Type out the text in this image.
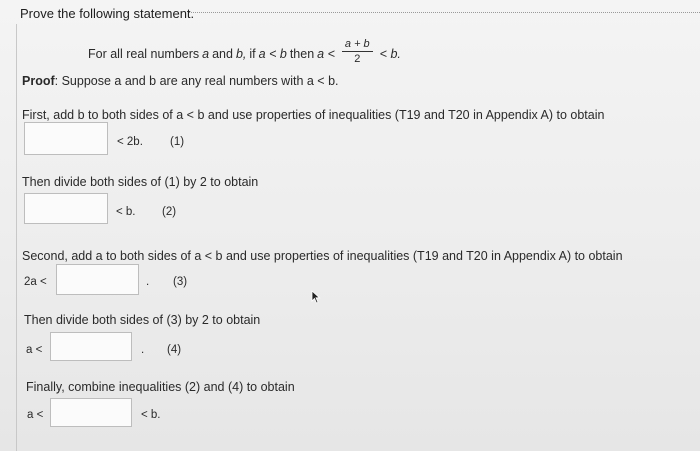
Prove the following statement.
For all real numbers a and b, if a < b then $a < \frac{a + b}{2} < b$.
Proof: Suppose a and b are any real numbers with a < b.
First, add b to both sides of a < b and use properties of inequalities (T19 and T20 in Appendix A) to obtain
< 2b. (1)
Then divide both sides of (1) by 2 to obtain
< b. (2)
Second, add a to both sides of a < b and use properties of inequalities (T19 and T20 in Appendix A) to obtain
2a <	. (3)
Then divide both sides of (3) by 2 to obtain
a <	. (4)
Finally, combine inequalities (2) and (4) to obtain
a <	< b.
